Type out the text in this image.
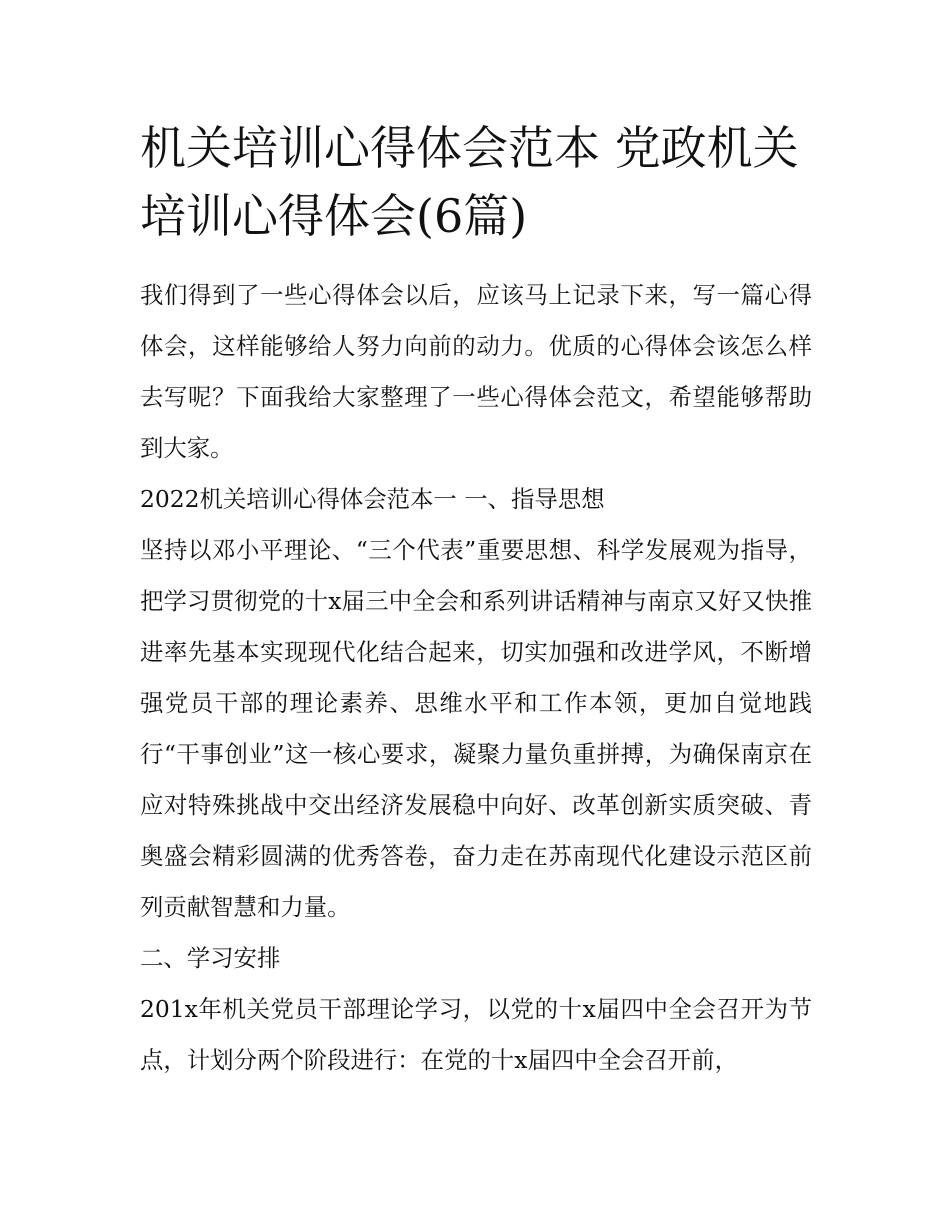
机关培训心得体会范本 党政机关培训心得体会(6篇)

我们得到了一些心得体会以后，应该马上记录下来，写一篇心得体会，这样能够给人努力向前的动力。优质的心得体会该怎么样去写呢？下面我给大家整理了一些心得体会范文，希望能够帮助到大家。

2022机关培训心得体会范本一 一、指导思想

坚持以邓小平理论、“三个代表”重要思想、科学发展观为指导，把学习贯彻党的十x届三中全会和系列讲话精神与南京又好又快推进率先基本实现现代化结合起来，切实加强和改进学风，不断增强党员干部的理论素养、思维水平和工作本领，更加自觉地践行“干事创业”这一核心要求，凝聚力量负重拼搏，为确保南京在应对特殊挑战中交出经济发展稳中向好、改革创新实质突破、青奥盛会精彩圆满的优秀答卷，奋力走在苏南现代化建设示范区前列贡献智慧和力量。

二、学习安排

201x年机关党员干部理论学习，以党的十x届四中全会召开为节点，计划分两个阶段进行：在党的十x届四中全会召开前，
